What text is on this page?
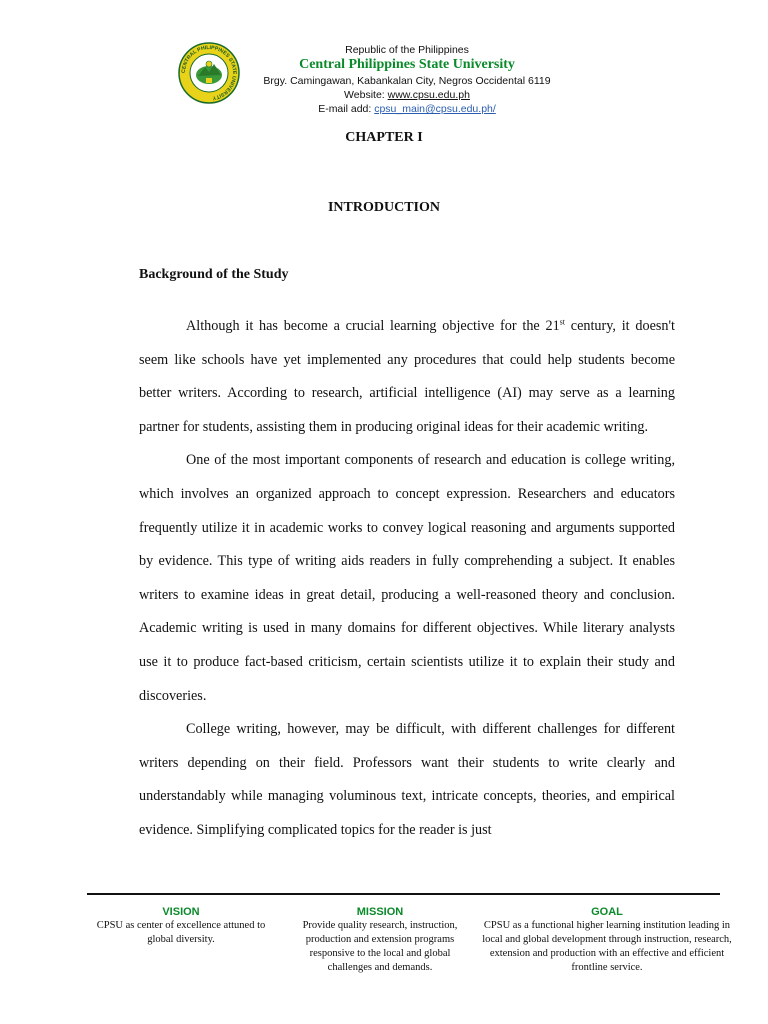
CENTRAL PHILIPPINES STATE UNIVERSITY
Republic of the Philippines
Central Philippines State University
Brgy. Camingawan, Kabankalan City, Negros Occidental 6119
Website: www.cpsu.edu.ph
E-mail add: cpsu_main@cpsu.edu.ph/
CHAPTER I
INTRODUCTION
Background of the Study

Although it has become a crucial learning objective for the 21st century, it doesn't seem like schools have yet implemented any procedures that could help students become better writers. According to research, artificial intelligence (AI) may serve as a learning partner for students, assisting them in producing original ideas for their academic writing.

One of the most important components of research and education is college writing, which involves an organized approach to concept expression. Researchers and educators frequently utilize it in academic works to convey logical reasoning and arguments supported by evidence. This type of writing aids readers in fully comprehending a subject. It enables writers to examine ideas in great detail, producing a well-reasoned theory and conclusion. Academic writing is used in many domains for different objectives. While literary analysts use it to produce fact-based criticism, certain scientists utilize it to explain their study and discoveries.

College writing, however, may be difficult, with different challenges for different writers depending on their field. Professors want their students to write clearly and understandably while managing voluminous text, intricate concepts, theories, and empirical evidence. Simplifying complicated topics for the reader is just

VISION
CPSU as center of excellence attuned to global diversity.
MISSION
Provide quality research, instruction, production and extension programs responsive to the local and global challenges and demands.
GOAL
CPSU as a functional higher learning institution leading in local and global development through instruction, research, extension and production with an effective and efficient frontline service.
